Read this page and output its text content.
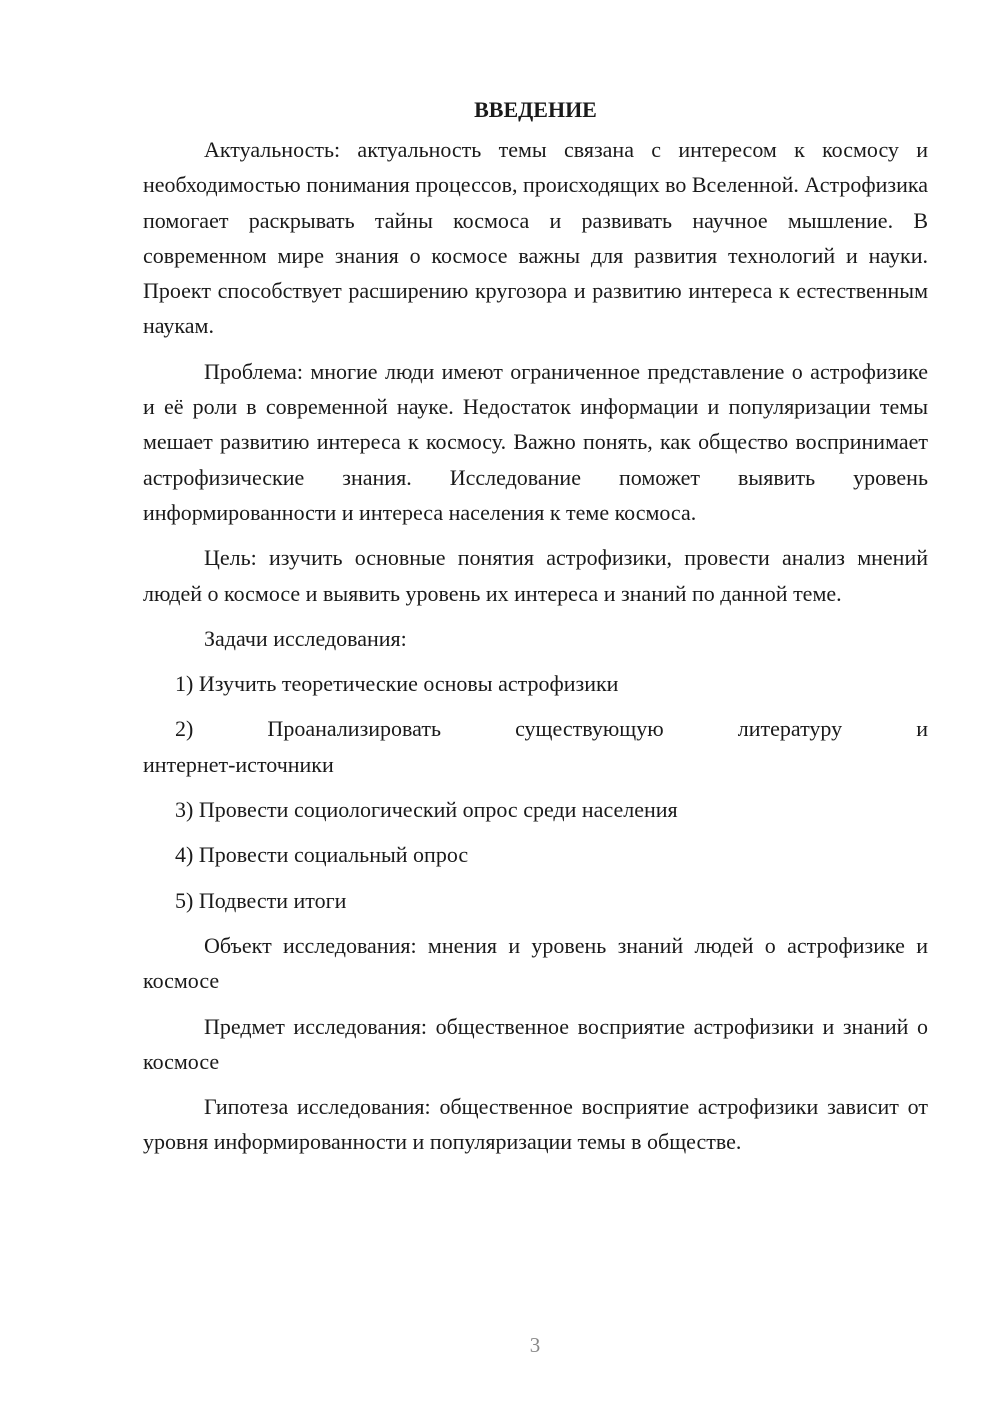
ВВЕДЕНИЕ

Актуальность: актуальность темы связана с интересом к космосу и необходимостью понимания процессов, происходящих во Вселенной. Астрофизика помогает раскрывать тайны космоса и развивать научное мышление. В современном мире знания о космосе важны для развития технологий и науки. Проект способствует расширению кругозора и развитию интереса к естественным наукам.

Проблема: многие люди имеют ограниченное представление о астрофизике и её роли в современной науке. Недостаток информации и популяризации темы мешает развитию интереса к космосу. Важно понять, как общество воспринимает астрофизические знания. Исследование поможет выявить уровень информированности и интереса населения к теме космоса.

Цель: изучить основные понятия астрофизики, провести анализ мнений людей о космосе и выявить уровень их интереса и знаний по данной теме.

Задачи исследования:

1) Изучить теоретические основы астрофизики

2) Проанализировать существующую литературу и

интернет-источники

3) Провести социологический опрос среди населения

4) Провести социальный опрос

5) Подвести итоги

Объект исследования: мнения и уровень знаний людей о астрофизике и космосе

Предмет исследования: общественное восприятие астрофизики и знаний о космосе

Гипотеза исследования: общественное восприятие астрофизики зависит от уровня информированности и популяризации темы в обществе.

3
